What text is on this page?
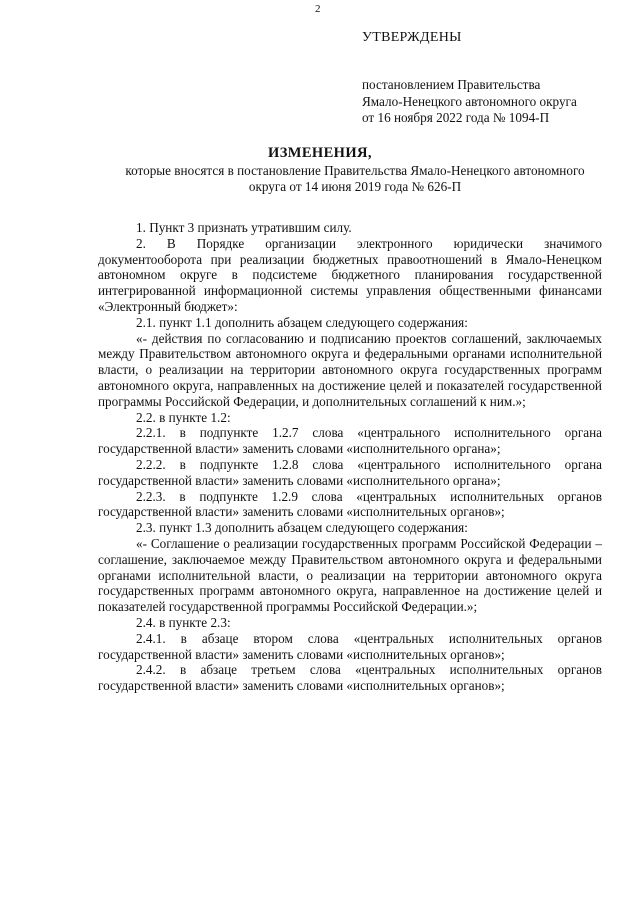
2
УТВЕРЖДЕНЫ
постановлением Правительства
Ямало-Ненецкого автономного округа
от 16 ноября 2022 года № 1094-П
ИЗМЕНЕНИЯ,
которые вносятся в постановление Правительства Ямало-Ненецкого автономного округа от 14 июня 2019 года № 626-П

1. Пункт 3 признать утратившим силу.

2. В Порядке организации электронного юридически значимого документооборота при реализации бюджетных правоотношений в Ямало-Ненецком автономном округе в подсистеме бюджетного планирования государственной интегрированной информационной системы управления общественными финансами «Электронный бюджет»:

2.1. пункт 1.1 дополнить абзацем следующего содержания:

«- действия по согласованию и подписанию проектов соглашений, заключаемых между Правительством автономного округа и федеральными органами исполнительной власти, о реализации на территории автономного округа государственных программ автономного округа, направленных на достижение целей и показателей государственной программы Российской Федерации, и дополнительных соглашений к ним.»;

2.2. в пункте 1.2:

2.2.1. в подпункте 1.2.7 слова «центрального исполнительного органа государственной власти» заменить словами «исполнительного органа»;

2.2.2. в подпункте 1.2.8 слова «центрального исполнительного органа государственной власти» заменить словами «исполнительного органа»;

2.2.3. в подпункте 1.2.9 слова «центральных исполнительных органов государственной власти» заменить словами «исполнительных органов»;

2.3. пункт 1.3 дополнить абзацем следующего содержания:

«- Соглашение о реализации государственных программ Российской Федерации – соглашение, заключаемое между Правительством автономного округа и федеральными органами исполнительной власти, о реализации на территории автономного округа государственных программ автономного округа, направленное на достижение целей и показателей государственной программы Российской Федерации.»;

2.4. в пункте 2.3:

2.4.1. в абзаце втором слова «центральных исполнительных органов государственной власти» заменить словами «исполнительных органов»;

2.4.2. в абзаце третьем слова «центральных исполнительных органов государственной власти» заменить словами «исполнительных органов»;
